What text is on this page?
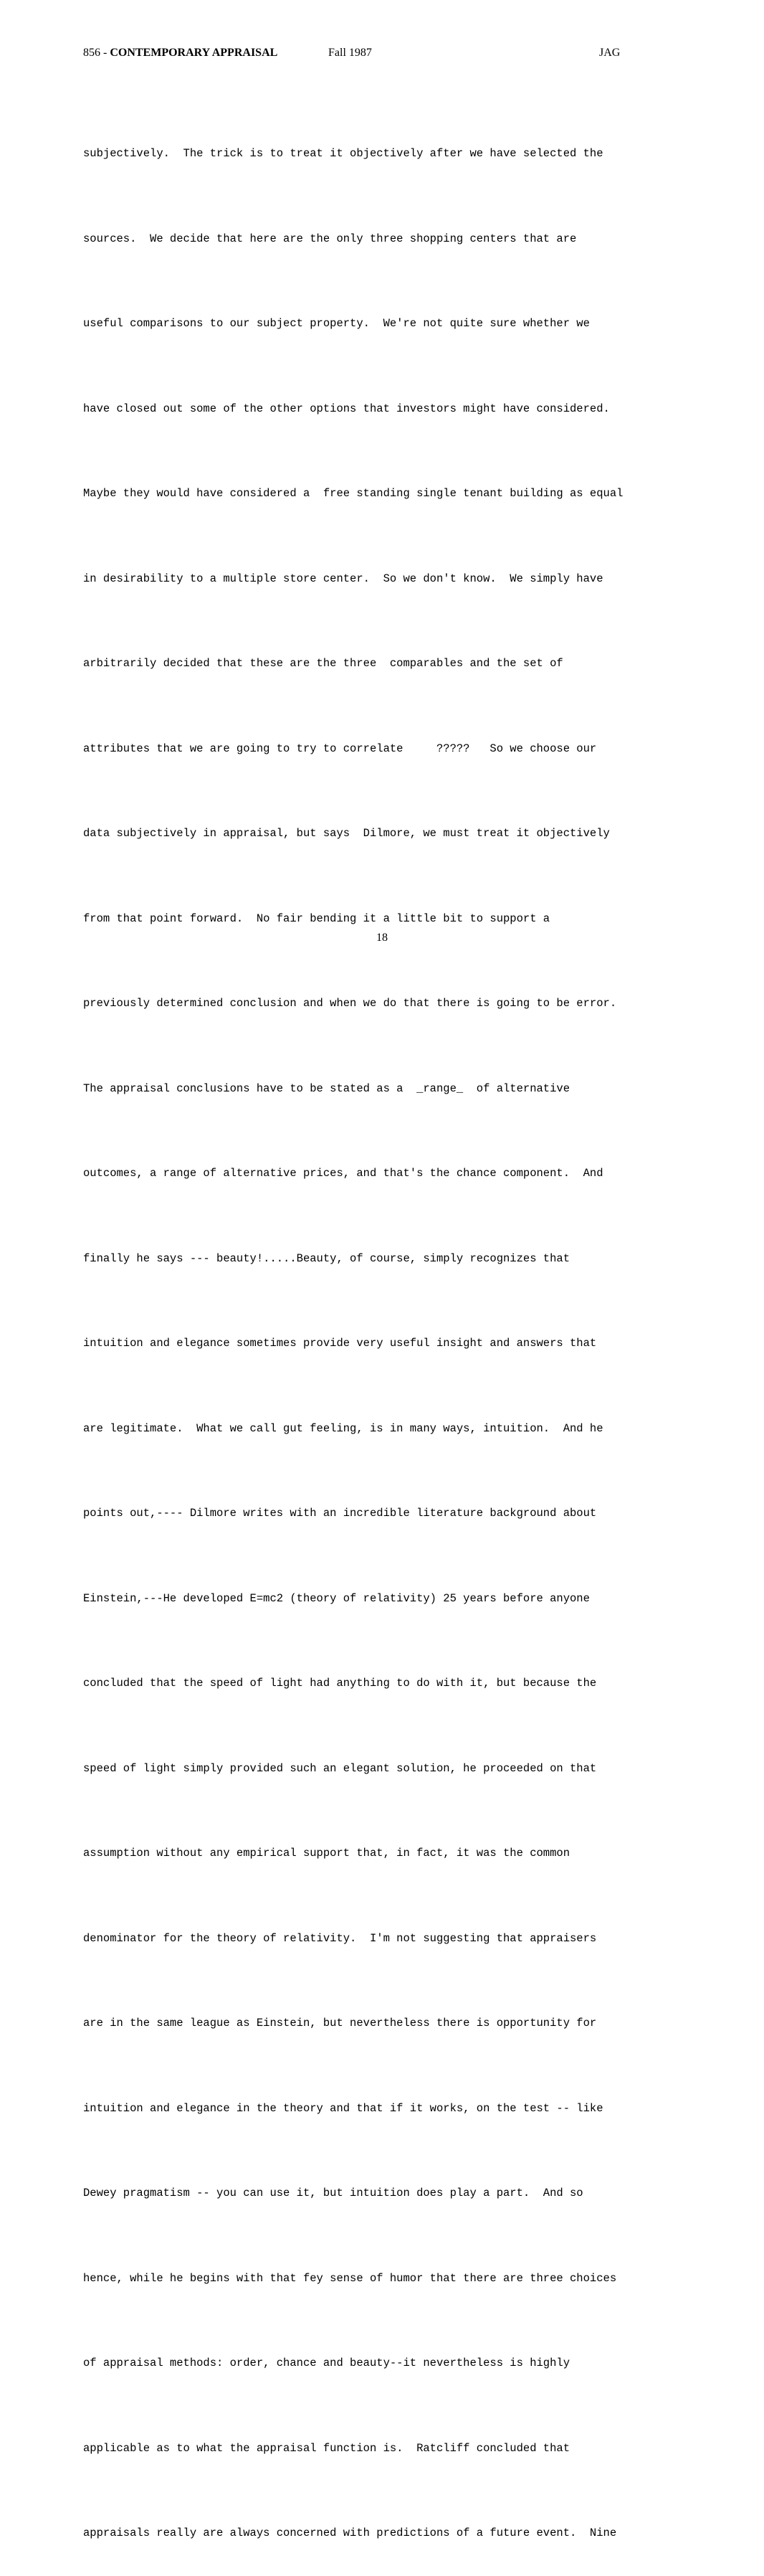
856 - CONTEMPORARY APPRAISAL	Fall 1987	JAG

subjectively.  The trick is to treat it objectively after we have selected the

sources.  We decide that here are the only three shopping centers that are

useful comparisons to our subject property.  We're not quite sure whether we

have closed out some of the other options that investors might have considered.

Maybe they would have considered a  free standing single tenant building as equal

in desirability to a multiple store center.  So we don't know.  We simply have

arbitrarily decided that these are the three  comparables and the set of

attributes that we are going to try to correlate     ?????   So we choose our

data subjectively in appraisal, but says  Dilmore, we must treat it objectively

from that point forward.  No fair bending it a little bit to support a

previously determined conclusion and when we do that there is going to be error.

The appraisal conclusions have to be stated as a  _range_  of alternative

outcomes, a range of alternative prices, and that's the chance component.  And

finally he says --- beauty!.....Beauty, of course, simply recognizes that

intuition and elegance sometimes provide very useful insight and answers that

are legitimate.  What we call gut feeling, is in many ways, intuition.  And he

points out,---- Dilmore writes with an incredible literature background about

Einstein,---He developed E=mc2 (theory of relativity) 25 years before anyone

concluded that the speed of light had anything to do with it, but because the

speed of light simply provided such an elegant solution, he proceeded on that

assumption without any empirical support that, in fact, it was the common

denominator for the theory of relativity.  I'm not suggesting that appraisers

are in the same league as Einstein, but nevertheless there is opportunity for

intuition and elegance in the theory and that if it works, on the test -- like

Dewey pragmatism -- you can use it, but intuition does play a part.  And so

hence, while he begins with that fey sense of humor that there are three choices

of appraisal methods: order, chance and beauty--it nevertheless is highly

applicable as to what the appraisal function is.  Ratcliff concluded that

appraisals really are always concerned with predictions of a future event.  Nine

18
